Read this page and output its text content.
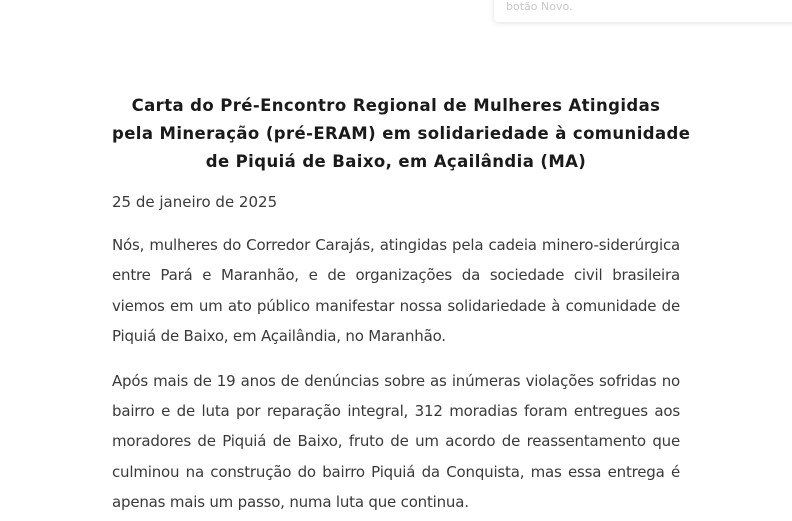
botão Novo.
Carta do Pré-Encontro Regional de Mulheres Atingidas
pela Mineração (pré-ERAM) em solidariedade à comunidade
de Piquiá de Baixo, em Açailândia (MA)

25 de janeiro de 2025

Nós, mulheres do Corredor Carajás, atingidas pela cadeia minero-siderúrgica entre Pará e Maranhão, e de organizações da sociedade civil brasileira viemos em um ato público manifestar nossa solidariedade à comunidade de Piquiá de Baixo, em Açailândia, no Maranhão.

Após mais de 19 anos de denúncias sobre as inúmeras violações sofridas no bairro e de luta por reparação integral, 312 moradias foram entregues aos moradores de Piquiá de Baixo, fruto de um acordo de reassentamento que culminou na construção do bairro Piquiá da Conquista, mas essa entrega é apenas mais um passo, numa luta que continua.
